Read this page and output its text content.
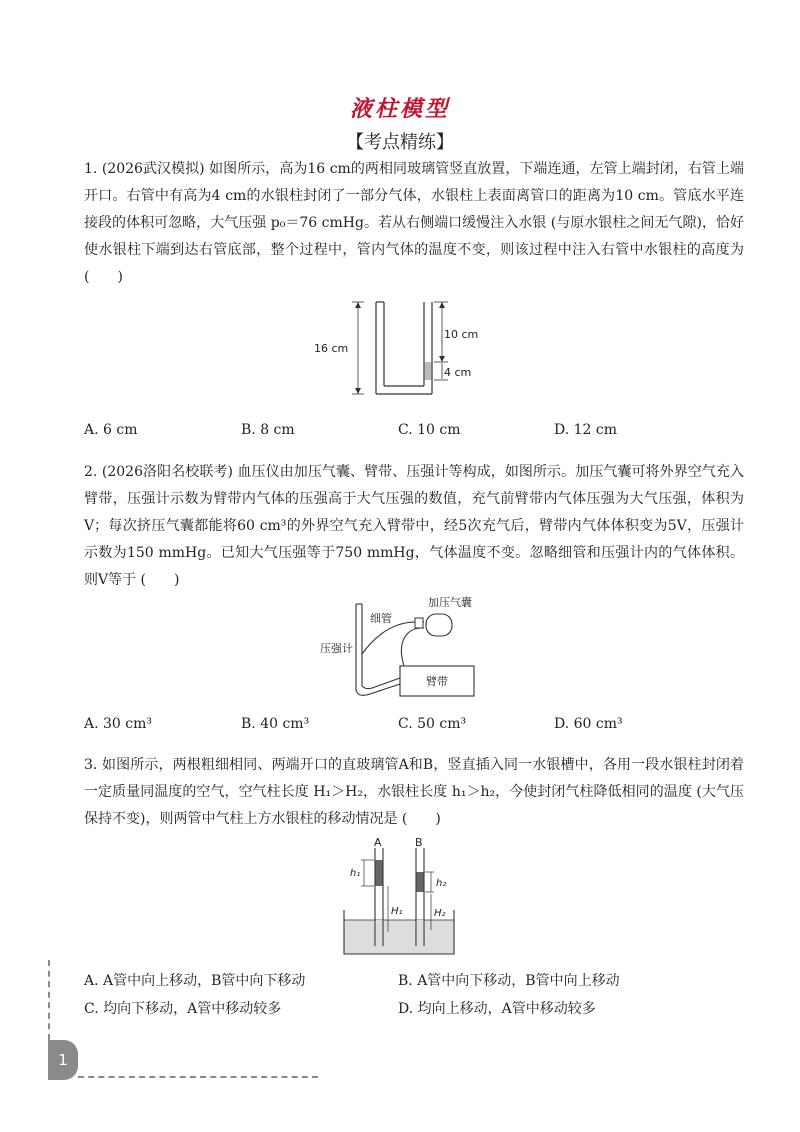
液柱模型
【考点精练】
1. (2026武汉模拟) 如图所示，高为16 cm的两相同玻璃管竖直放置，下端连通，左管上端封闭，右管上端开口。右管中有高为4 cm的水银柱封闭了一部分气体，水银柱上表面离管口的距离为10 cm。管底水平连接段的体积可忽略，大气压强 p₀＝76 cmHg。若从右侧端口缓慢注入水银 (与原水银柱之间无气隙)，恰好使水银柱下端到达右管底部，整个过程中，管内气体的温度不变，则该过程中注入右管中水银柱的高度为 (　　)
16 cm
10 cm
4 cm
A. 6 cm	B. 8 cm	C. 10 cm	D. 12 cm
2. (2026洛阳名校联考) 血压仪由加压气囊、臂带、压强计等构成，如图所示。加压气囊可将外界空气充入臂带，压强计示数为臂带内气体的压强高于大气压强的数值，充气前臂带内气体压强为大气压强，体积为V；每次挤压气囊都能将60 cm³的外界空气充入臂带中，经5次充气后，臂带内气体体积变为5V，压强计示数为150 mmHg。已知大气压强等于750 mmHg，气体温度不变。忽略细管和压强计内的气体体积。则V等于 (　　)
臂带
加压气囊
细管
压强计
A. 30 cm³	B. 40 cm³	C. 50 cm³	D. 60 cm³
3. 如图所示，两根粗细相同、两端开口的直玻璃管A和B，竖直插入同一水银槽中，各用一段水银柱封闭着一定质量同温度的空气，空气柱长度 H₁＞H₂，水银柱长度 h₁＞h₂，今使封闭气柱降低相同的温度 (大气压保持不变)，则两管中气柱上方水银柱的移动情况是 (　　)
A	B
h₁
H₁
h₂
H₂
A. A管中向上移动，B管中向下移动	B. A管中向下移动，B管中向上移动
C. 均向下移动，A管中移动较多	D. 均向上移动，A管中移动较多
1
